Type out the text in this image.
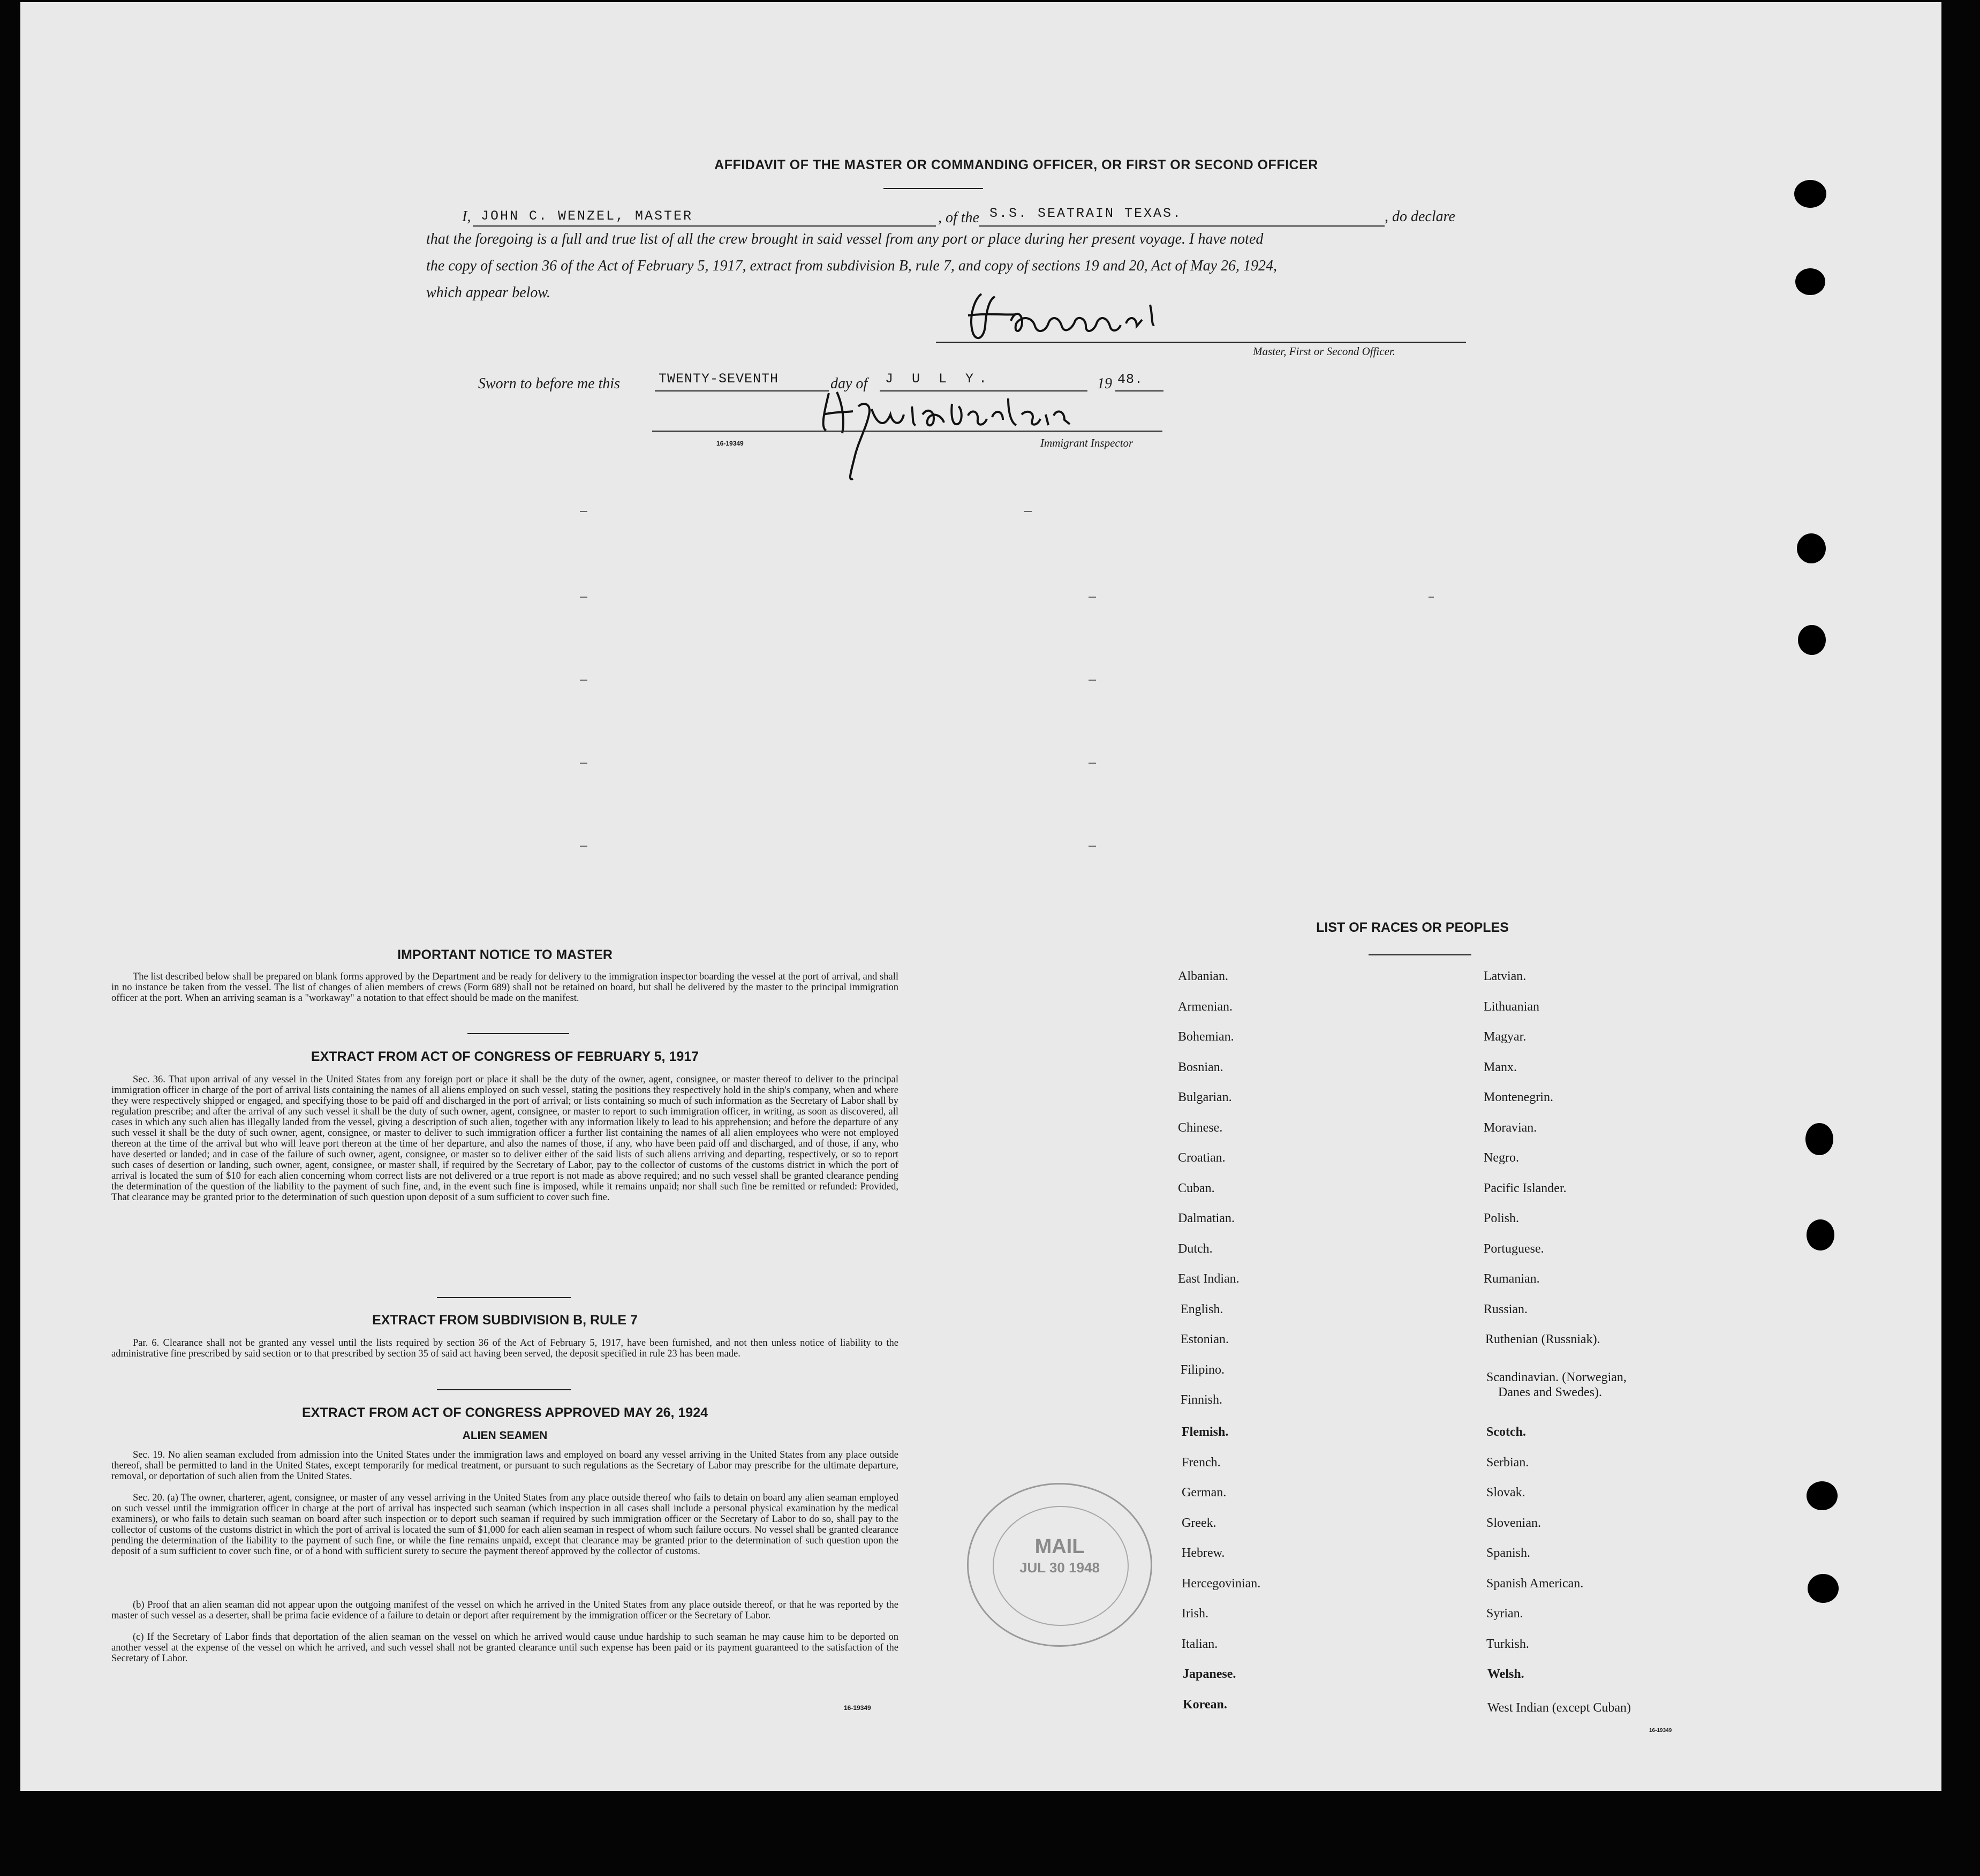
AFFIDAVIT OF THE MASTER OR COMMANDING OFFICER, OR FIRST OR SECOND OFFICER
I, JOHN C. WENZEL, MASTER	, of the S.S. SEATRAIN TEXAS.	, do declare
that the foregoing is a full and true list of all the crew brought in said vessel from any port or place during her present voyage. I have noted
the copy of section 36 of the Act of February 5, 1917, extract from subdivision B, rule 7, and copy of sections 19 and 20, Act of May 26, 1924,
which appear below.
Master, First or Second Officer.
Sworn to before me this	TWENTY-SEVENTH	day of J U L Y.	19 48.
16-19349	Immigrant Inspector
IMPORTANT NOTICE TO MASTER
The list described below shall be prepared on blank forms approved by the Department and be ready for delivery to the immigration inspector boarding the vessel at the port of arrival, and shall in no instance be taken from the vessel. The list of changes of alien members of crews (Form 689) shall not be retained on board, but shall be delivered by the master to the principal immigration officer at the port. When an arriving seaman is a "workaway" a notation to that effect should be made on the manifest.
EXTRACT FROM ACT OF CONGRESS OF FEBRUARY 5, 1917
Sec. 36. That upon arrival of any vessel in the United States from any foreign port or place it shall be the duty of the owner, agent, consignee, or master thereof to deliver to the principal immigration officer in charge of the port of arrival lists containing the names of all aliens employed on such vessel, stating the positions they respectively hold in the ship's company, when and where they were respectively shipped or engaged, and specifying those to be paid off and discharged in the port of arrival; or lists containing so much of such information as the Secretary of Labor shall by regulation prescribe; and after the arrival of any such vessel it shall be the duty of such owner, agent, consignee, or master to report to such immigration officer, in writing, as soon as discovered, all cases in which any such alien has illegally landed from the vessel, giving a description of such alien, together with any information likely to lead to his apprehension; and before the departure of any such vessel it shall be the duty of such owner, agent, consignee, or master to deliver to such immigration officer a further list containing the names of all alien employees who were not employed thereon at the time of the arrival but who will leave port thereon at the time of her departure, and also the names of those, if any, who have been paid off and discharged, and of those, if any, who have deserted or landed; and in case of the failure of such owner, agent, consignee, or master so to deliver either of the said lists of such aliens arriving and departing, respectively, or so to report such cases of desertion or landing, such owner, agent, consignee, or master shall, if required by the Secretary of Labor, pay to the collector of customs of the customs district in which the port of arrival is located the sum of $10 for each alien concerning whom correct lists are not delivered or a true report is not made as above required; and no such vessel shall be granted clearance pending the determination of the question of the liability to the payment of such fine, and, in the event such fine is imposed, while it remains unpaid; nor shall such fine be remitted or refunded: Provided, That clearance may be granted prior to the determination of such question upon deposit of a sum sufficient to cover such fine.
EXTRACT FROM SUBDIVISION B, RULE 7
Par. 6. Clearance shall not be granted any vessel until the lists required by section 36 of the Act of February 5, 1917, have been furnished, and not then unless notice of liability to the administrative fine prescribed by said section or to that prescribed by section 35 of said act having been served, the deposit specified in rule 23 has been made.
EXTRACT FROM ACT OF CONGRESS APPROVED MAY 26, 1924
ALIEN SEAMEN
Sec. 19. No alien seaman excluded from admission into the United States under the immigration laws and employed on board any vessel arriving in the United States from any place outside thereof, shall be permitted to land in the United States, except temporarily for medical treatment, or pursuant to such regulations as the Secretary of Labor may prescribe for the ultimate departure, removal, or deportation of such alien from the United States.
Sec. 20. (a) The owner, charterer, agent, consignee, or master of any vessel arriving in the United States from any place outside thereof who fails to detain on board any alien seaman employed on such vessel until the immigration officer in charge at the port of arrival has inspected such seaman (which inspection in all cases shall include a personal physical examination by the medical examiners), or who fails to detain such seaman on board after such inspection or to deport such seaman if required by such immigration officer or the Secretary of Labor to do so, shall pay to the collector of customs of the customs district in which the port of arrival is located the sum of $1,000 for each alien seaman in respect of whom such failure occurs. No vessel shall be granted clearance pending the determination of the liability to the payment of such fine, or while the fine remains unpaid, except that clearance may be granted prior to the determination of such question upon the deposit of a sum sufficient to cover such fine, or of a bond with sufficient surety to secure the payment thereof approved by the collector of customs.
(b) Proof that an alien seaman did not appear upon the outgoing manifest of the vessel on which he arrived in the United States from any place outside thereof, or that he was reported by the master of such vessel as a deserter, shall be prima facie evidence of a failure to detain or deport after requirement by the immigration officer or the Secretary of Labor.
(c) If the Secretary of Labor finds that deportation of the alien seaman on the vessel on which he arrived would cause undue hardship to such seaman he may cause him to be deported on another vessel at the expense of the vessel on which he arrived, and such vessel shall not be granted clearance until such expense has been paid or its payment guaranteed to the satisfaction of the Secretary of Labor.
16-19349
LIST OF RACES OR PEOPLES
Albanian.
Armenian.
Bohemian.
Bosnian.
Bulgarian.
Chinese.
Croatian.
Cuban.
Dalmatian.
Dutch.
East Indian.
English.
Estonian.
Filipino.
Finnish.
Flemish.
French.
German.
Greek.
Hebrew.
Hercegovinian.
Irish.
Italian.
Japanese.
Korean.
Latvian.
Lithuanian
Magyar.
Manx.
Montenegrin.
Moravian.
Negro.
Pacific Islander.
Polish.
Portuguese.
Rumanian.
Russian.
Ruthenian (Russniak).
Scandinavian. (Norwegian,
Danes and Swedes).
Scotch.
Serbian.
Slovak.
Slovenian.
Spanish.
Spanish American.
Syrian.
Turkish.
Welsh.
West Indian (except Cuban)
16-19349
MAIL
JUL 30 1948
